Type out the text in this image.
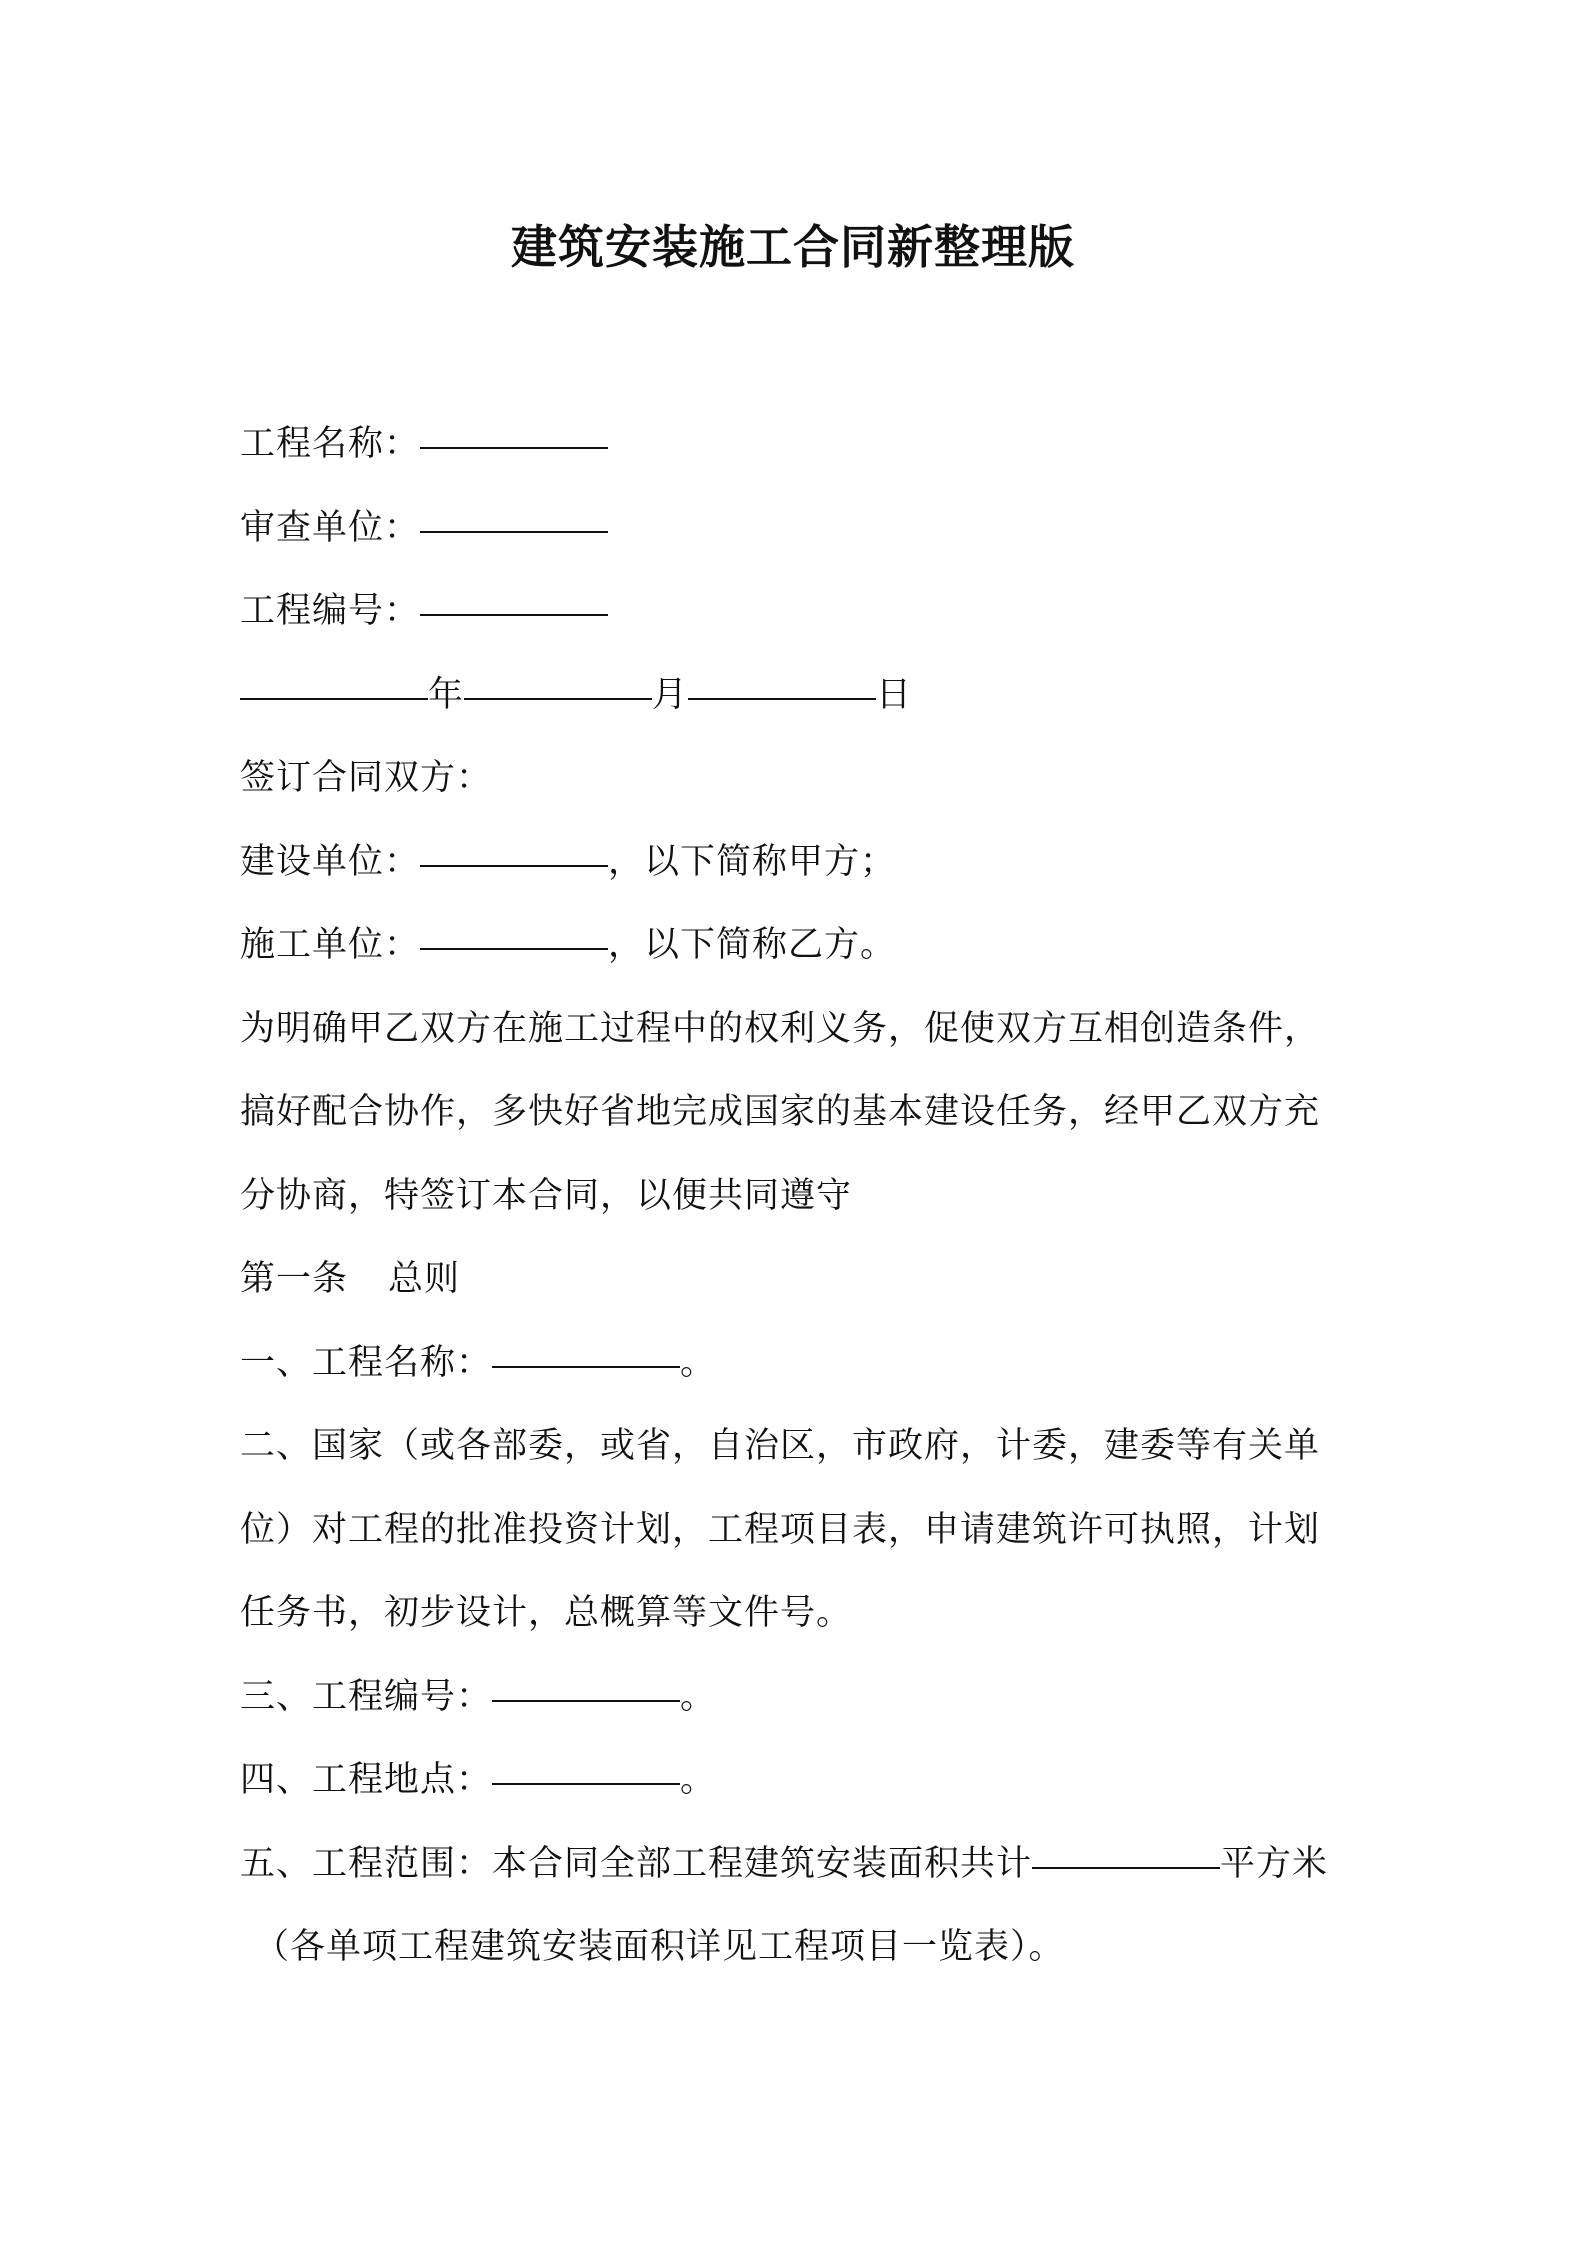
建筑安装施工合同新整理版
工程名称：
审查单位：
工程编号：
年	月	日
签订合同双方：
建设单位：	，以下简称甲方；
施工单位：	，以下简称乙方。
为明确甲乙双方在施工过程中的权利义务，促使双方互相创造条件，
搞好配合协作，多快好省地完成国家的基本建设任务，经甲乙双方充
分协商，特签订本合同，以便共同遵守
第一条 总则
一、工程名称：	。
二、国家（或各部委，或省，自治区，市政府，计委，建委等有关单
位）对工程的批准投资计划，工程项目表，申请建筑许可执照，计划
任务书，初步设计，总概算等文件号。
三、工程编号：	。
四、工程地点：	。
五、工程范围：本合同全部工程建筑安装面积共计	平方米
（各单项工程建筑安装面积详见工程项目一览表）。
